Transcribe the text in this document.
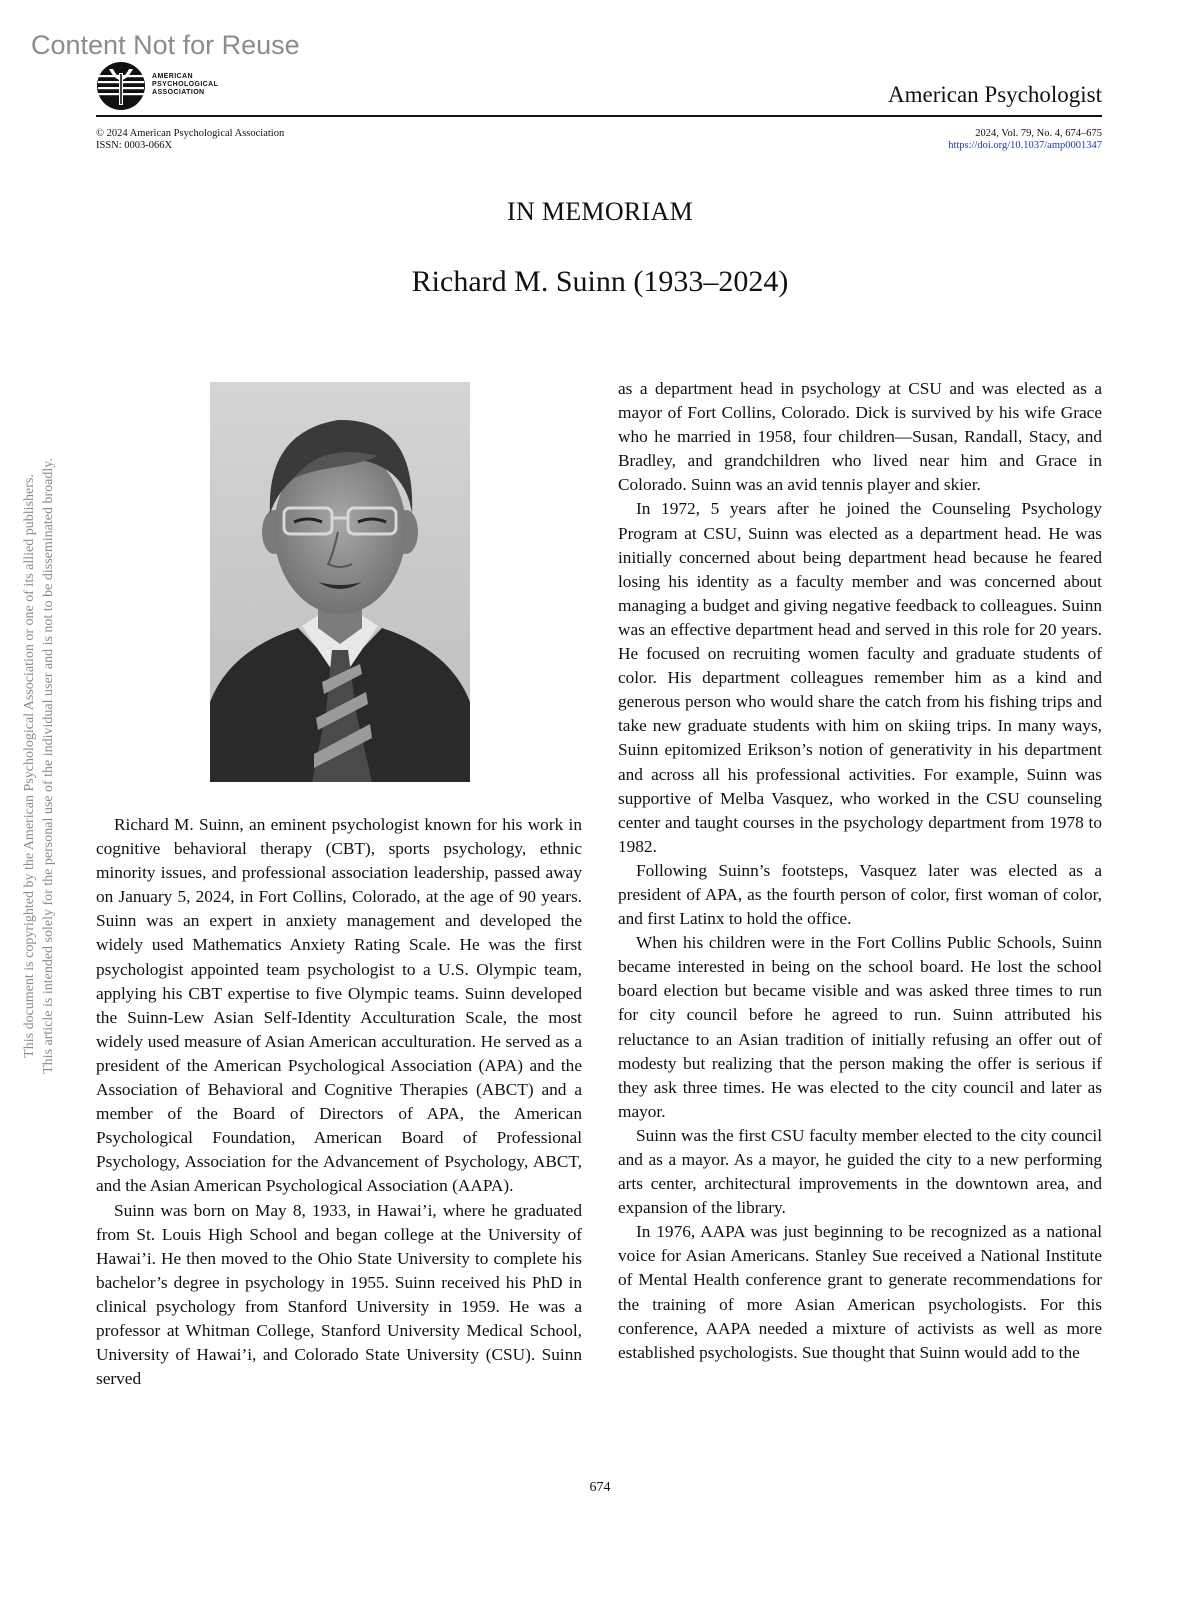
Content Not for Reuse
AMERICAN
PSYCHOLOGICAL
ASSOCIATION	American Psychologist
© 2024 American Psychological Association
ISSN: 0003-066X
2024, Vol. 79, No. 4, 674–675
https://doi.org/10.1037/amp0001347
This document is copyrighted by the American Psychological Association or one of its allied publishers. This article is intended solely for the personal use of the individual user and is not to be disseminated broadly.
IN MEMORIAM
Richard M. Suinn (1933–2024)

Richard M. Suinn, an eminent psychologist known for his work in cognitive behavioral therapy (CBT), sports psychology, ethnic minority issues, and professional association leadership, passed away on January 5, 2024, in Fort Collins, Colorado, at the age of 90 years. Suinn was an expert in anxiety management and developed the widely used Mathematics Anxiety Rating Scale. He was the first psychologist appointed team psychologist to a U.S. Olympic team, applying his CBT expertise to five Olympic teams. Suinn developed the Suinn-Lew Asian Self-Identity Acculturation Scale, the most widely used measure of Asian American acculturation. He served as a president of the American Psychological Association (APA) and the Association of Behavioral and Cognitive Therapies (ABCT) and a member of the Board of Directors of APA, the American Psychological Foundation, American Board of Professional Psychology, Association for the Advancement of Psychology, ABCT, and the Asian American Psychological Association (AAPA).

Suinn was born on May 8, 1933, in Hawai’i, where he graduated from St. Louis High School and began college at the University of Hawai’i. He then moved to the Ohio State University to complete his bachelor’s degree in psychology in 1955. Suinn received his PhD in clinical psychology from Stanford University in 1959. He was a professor at Whitman College, Stanford University Medical School, University of Hawai’i, and Colorado State University (CSU). Suinn served

as a department head in psychology at CSU and was elected as a mayor of Fort Collins, Colorado. Dick is survived by his wife Grace who he married in 1958, four children—Susan, Randall, Stacy, and Bradley, and grandchildren who lived near him and Grace in Colorado. Suinn was an avid tennis player and skier.

In 1972, 5 years after he joined the Counseling Psychology Program at CSU, Suinn was elected as a department head. He was initially concerned about being department head because he feared losing his identity as a faculty member and was concerned about managing a budget and giving negative feedback to colleagues. Suinn was an effective department head and served in this role for 20 years. He focused on recruiting women faculty and graduate students of color. His department colleagues remember him as a kind and generous person who would share the catch from his fishing trips and take new graduate students with him on skiing trips. In many ways, Suinn epitomized Erikson’s notion of generativity in his department and across all his professional activities. For example, Suinn was supportive of Melba Vasquez, who worked in the CSU counseling center and taught courses in the psychology department from 1978 to 1982.

Following Suinn’s footsteps, Vasquez later was elected as a president of APA, as the fourth person of color, first woman of color, and first Latinx to hold the office.

When his children were in the Fort Collins Public Schools, Suinn became interested in being on the school board. He lost the school board election but became visible and was asked three times to run for city council before he agreed to run. Suinn attributed his reluctance to an Asian tradition of initially refusing an offer out of modesty but realizing that the person making the offer is serious if they ask three times. He was elected to the city council and later as mayor.

Suinn was the first CSU faculty member elected to the city council and as a mayor. As a mayor, he guided the city to a new performing arts center, architectural improvements in the downtown area, and expansion of the library.

In 1976, AAPA was just beginning to be recognized as a national voice for Asian Americans. Stanley Sue received a National Institute of Mental Health conference grant to generate recommendations for the training of more Asian American psychologists. For this conference, AAPA needed a mixture of activists as well as more established psychologists. Sue thought that Suinn would add to the

674
